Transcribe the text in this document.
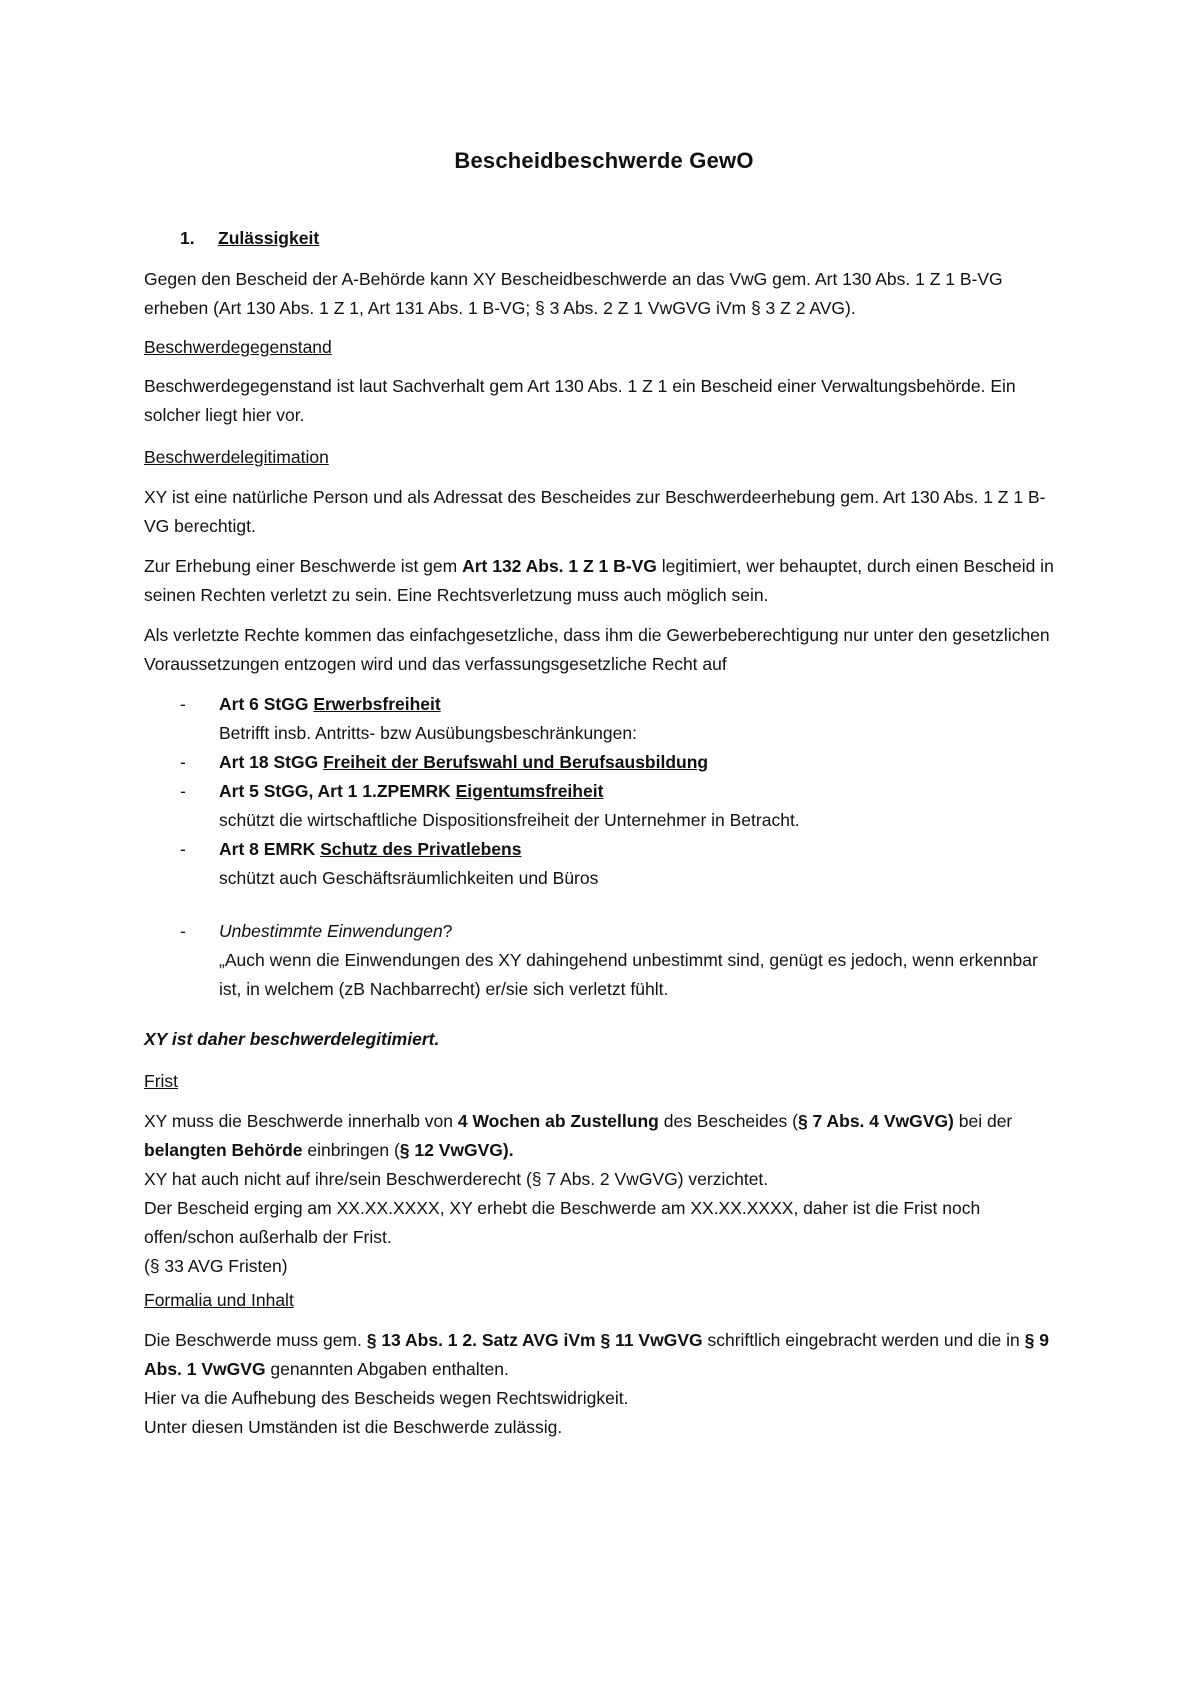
Bescheidbeschwerde GewO
1. Zulässigkeit

Gegen den Bescheid der A-Behörde kann XY Bescheidbeschwerde an das VwG gem. Art 130 Abs. 1 Z 1 B-VG erheben (Art 130 Abs. 1 Z 1, Art 131 Abs. 1 B-VG; § 3 Abs. 2 Z 1 VwGVG iVm § 3 Z 2 AVG).

Beschwerdegegenstand

Beschwerdegegenstand ist laut Sachverhalt gem Art 130 Abs. 1 Z 1 ein Bescheid einer Verwaltungsbehörde. Ein solcher liegt hier vor.

Beschwerdelegitimation

XY ist eine natürliche Person und als Adressat des Bescheides zur Beschwerdeerhebung gem. Art 130 Abs. 1 Z 1 B-VG berechtigt.

Zur Erhebung einer Beschwerde ist gem Art 132 Abs. 1 Z 1 B-VG legitimiert, wer behauptet, durch einen Bescheid in seinen Rechten verletzt zu sein. Eine Rechtsverletzung muss auch möglich sein.

Als verletzte Rechte kommen das einfachgesetzliche, dass ihm die Gewerbeberechtigung nur unter den gesetzlichen Voraussetzungen entzogen wird und das verfassungsgesetzliche Recht auf

- Art 6 StGG Erwerbsfreiheit
Betrifft insb. Antritts- bzw Ausübungsbeschränkungen:
- Art 18 StGG Freiheit der Berufswahl und Berufsausbildung
- Art 5 StGG, Art 1 1.ZPEMRK Eigentumsfreiheit
schützt die wirtschaftliche Dispositionsfreiheit der Unternehmer in Betracht.
- Art 8 EMRK Schutz des Privatlebens
schützt auch Geschäftsräumlichkeiten und Büros
- Unbestimmte Einwendungen?
„Auch wenn die Einwendungen des XY dahingehend unbestimmt sind, genügt es jedoch, wenn erkennbar ist, in welchem (zB Nachbarrecht) er/sie sich verletzt fühlt.

XY ist daher beschwerdelegitimiert.

Frist

XY muss die Beschwerde innerhalb von 4 Wochen ab Zustellung des Bescheides (§ 7 Abs. 4 VwGVG) bei der belangten Behörde einbringen (§ 12 VwGVG).
XY hat auch nicht auf ihre/sein Beschwerderecht (§ 7 Abs. 2 VwGVG) verzichtet.
Der Bescheid erging am XX.XX.XXXX, XY erhebt die Beschwerde am XX.XX.XXXX, daher ist die Frist noch offen/schon außerhalb der Frist.
(§ 33 AVG Fristen)

Formalia und Inhalt

Die Beschwerde muss gem. § 13 Abs. 1 2. Satz AVG iVm § 11 VwGVG schriftlich eingebracht werden und die in § 9 Abs. 1 VwGVG genannten Abgaben enthalten.
Hier va die Aufhebung des Bescheids wegen Rechtswidrigkeit.
Unter diesen Umständen ist die Beschwerde zulässig.
